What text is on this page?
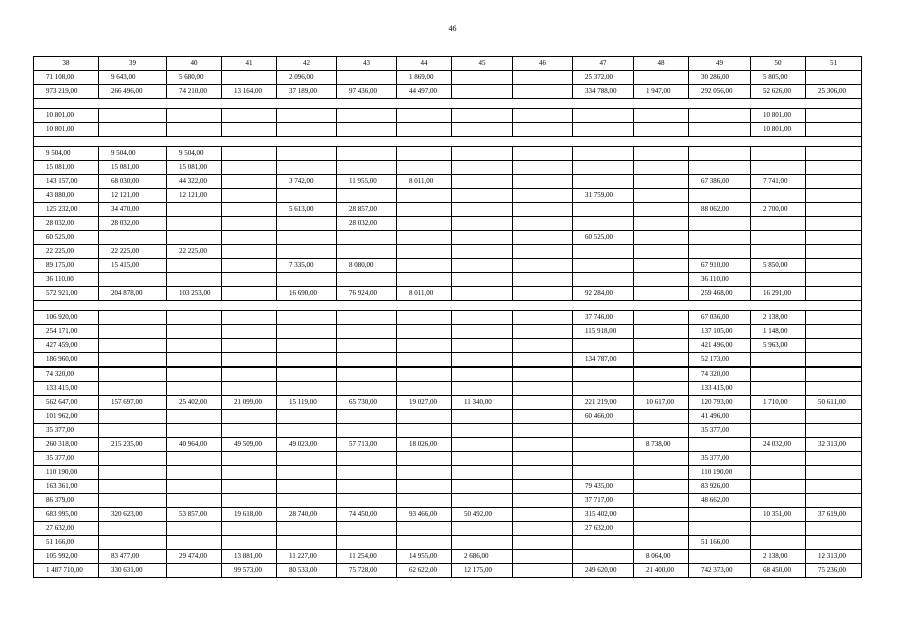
46
38	39	40	41	42	43	44	45	46	47	48	49	50	51
71 108,00	9 643,00	5 680,00		2 096,00		1 869,00			25 372,00		30 286,00	5 805,00	
973 219,00	266 496,00	74 210,00	13 164,00	37 189,00	97 436,00	44 497,00			334 788,00	1 947,00	292 056,00	52 626,00	25 306,00

10 801,00												10 801,00	
10 801,00												10 801,00	

9 504,00	9 504,00	9 504,00											
15 081,00	15 081,00	15 081,00											
143 157,00	68 030,00	44 322,00		3 742,00	11 955,00	8 011,00					67 386,00	7 741,00	
43 880,00	12 121,00	12 121,00							31 759,00				
125 232,00	34 470,00			5 613,00	28 857,00						88 062,00	2 700,00	
28 032,00	28 032,00				28 032,00								
60 525,00									60 525,00				
22 225,00	22 225,00	22 225,00											
89 175,00	15 415,00			7 335,00	8 080,00						67 910,00	5 850,00	
36 110,00											36 110,00		
572 921,00	204 878,00	103 253,00		16 690,00	76 924,00	8 011,00			92 284,00		259 468,00	16 291,00	

106 920,00									37 746,00		67 036,00	2 138,00	
254 171,00									115 918,00		137 105,00	1 148,00	
427 459,00											421 496,00	5 963,00	
186 960,00									134 787,00		52 173,00		
74 320,00											74 320,00		
133 415,00											133 415,00		
562 647,00	157 697,00	25 402,00	21 099,00	15 119,00	65 730,00	19 027,00	11 340,00		221 219,00	10 617,00	120 793,00	1 710,00	50 611,00
101 962,00									60 466,00		41 496,00		
35 377,00											35 377,00		
260 318,00	215 235,00	40 964,00	49 509,00	49 023,00	57 713,00	18 026,00				8 738,00		24 032,00	32 313,00
35 377,00											35 377,00		
110 190,00											110 190,00		
163 361,00									79 435,00		83 926,00		
86 379,00									37 717,00		48 662,00		
683 995,00	320 623,00	53 857,00	19 618,00	28 740,00	74 450,00	93 466,00	50 492,00		315 402,00			10 351,00	37 619,00
27 632,00									27 632,00				
51 166,00											51 166,00		
105 992,00	83 477,00	29 474,00	13 881,00	11 227,00	11 254,00	14 955,00	2 686,00			8 064,00		2 138,00	12 313,00
1 487 710,00	330 631,00		99 573,00	80 533,00	75 728,00	62 622,00	12 175,00		249 620,00	21 400,00	742 373,00	68 450,00	75 236,00
